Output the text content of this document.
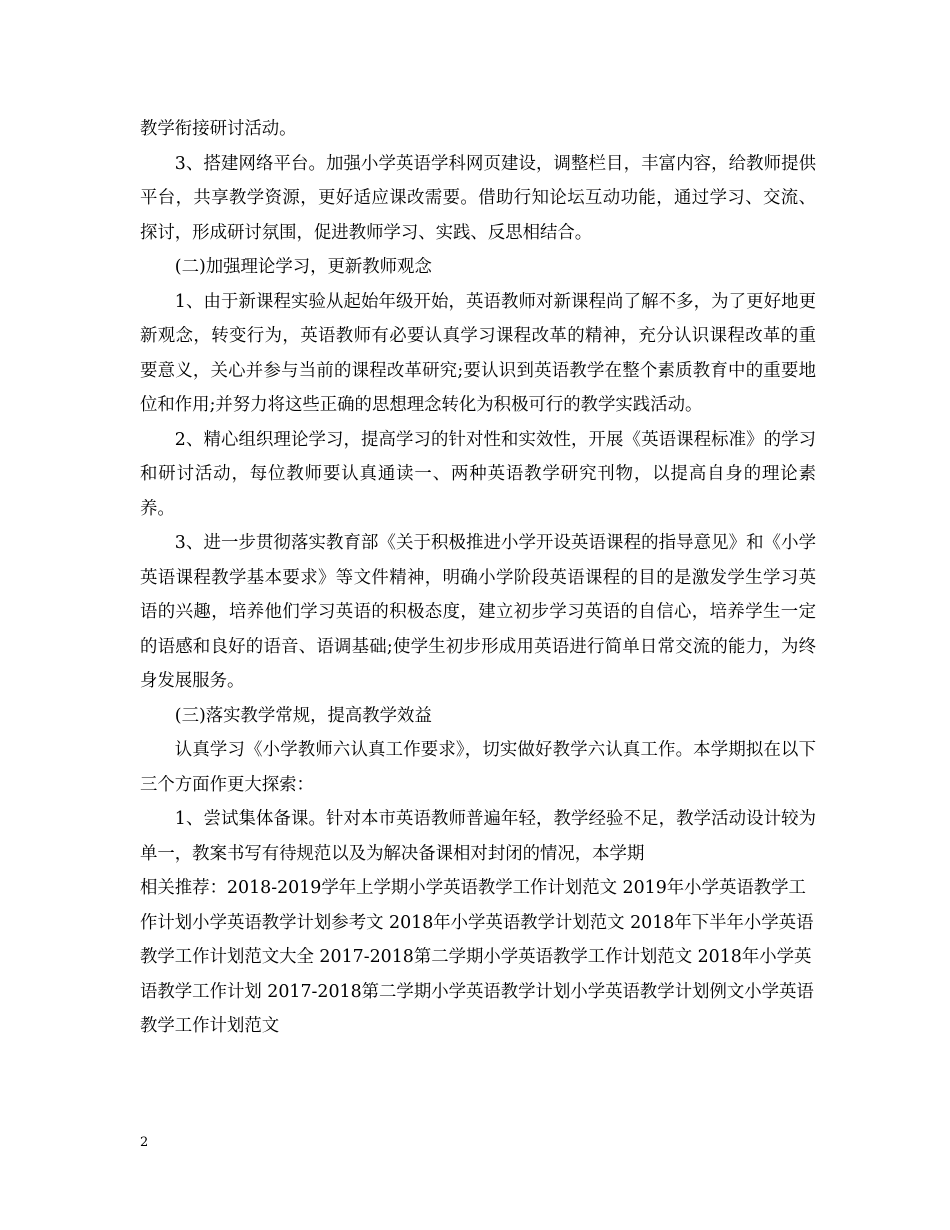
教学衔接研讨活动。

3、搭建网络平台。加强小学英语学科网页建设，调整栏目，丰富内容，给教师提供平台，共享教学资源，更好适应课改需要。借助行知论坛互动功能，通过学习、交流、探讨，形成研讨氛围，促进教师学习、实践、反思相结合。

(二)加强理论学习，更新教师观念

1、由于新课程实验从起始年级开始，英语教师对新课程尚了解不多，为了更好地更新观念，转变行为，英语教师有必要认真学习课程改革的精神，充分认识课程改革的重要意义，关心并参与当前的课程改革研究;要认识到英语教学在整个素质教育中的重要地位和作用;并努力将这些正确的思想理念转化为积极可行的教学实践活动。

2、精心组织理论学习，提高学习的针对性和实效性，开展《英语课程标准》的学习和研讨活动，每位教师要认真通读一、两种英语教学研究刊物，以提高自身的理论素养。

3、进一步贯彻落实教育部《关于积极推进小学开设英语课程的指导意见》和《小学英语课程教学基本要求》等文件精神，明确小学阶段英语课程的目的是激发学生学习英语的兴趣，培养他们学习英语的积极态度，建立初步学习英语的自信心，培养学生一定的语感和良好的语音、语调基础;使学生初步形成用英语进行简单日常交流的能力，为终身发展服务。

(三)落实教学常规，提高教学效益

认真学习《小学教师六认真工作要求》，切实做好教学六认真工作。本学期拟在以下三个方面作更大探索：

1、尝试集体备课。针对本市英语教师普遍年轻，教学经验不足，教学活动设计较为单一，教案书写有待规范以及为解决备课相对封闭的情况，本学期

相关推荐：2018-2019学年上学期小学英语教学工作计划范文 2019年小学英语教学工作计划小学英语教学计划参考文 2018年小学英语教学计划范文 2018年下半年小学英语教学工作计划范文大全 2017-2018第二学期小学英语教学工作计划范文 2018年小学英语教学工作计划 2017-2018第二学期小学英语教学计划小学英语教学计划例文小学英语教学工作计划范文

2
